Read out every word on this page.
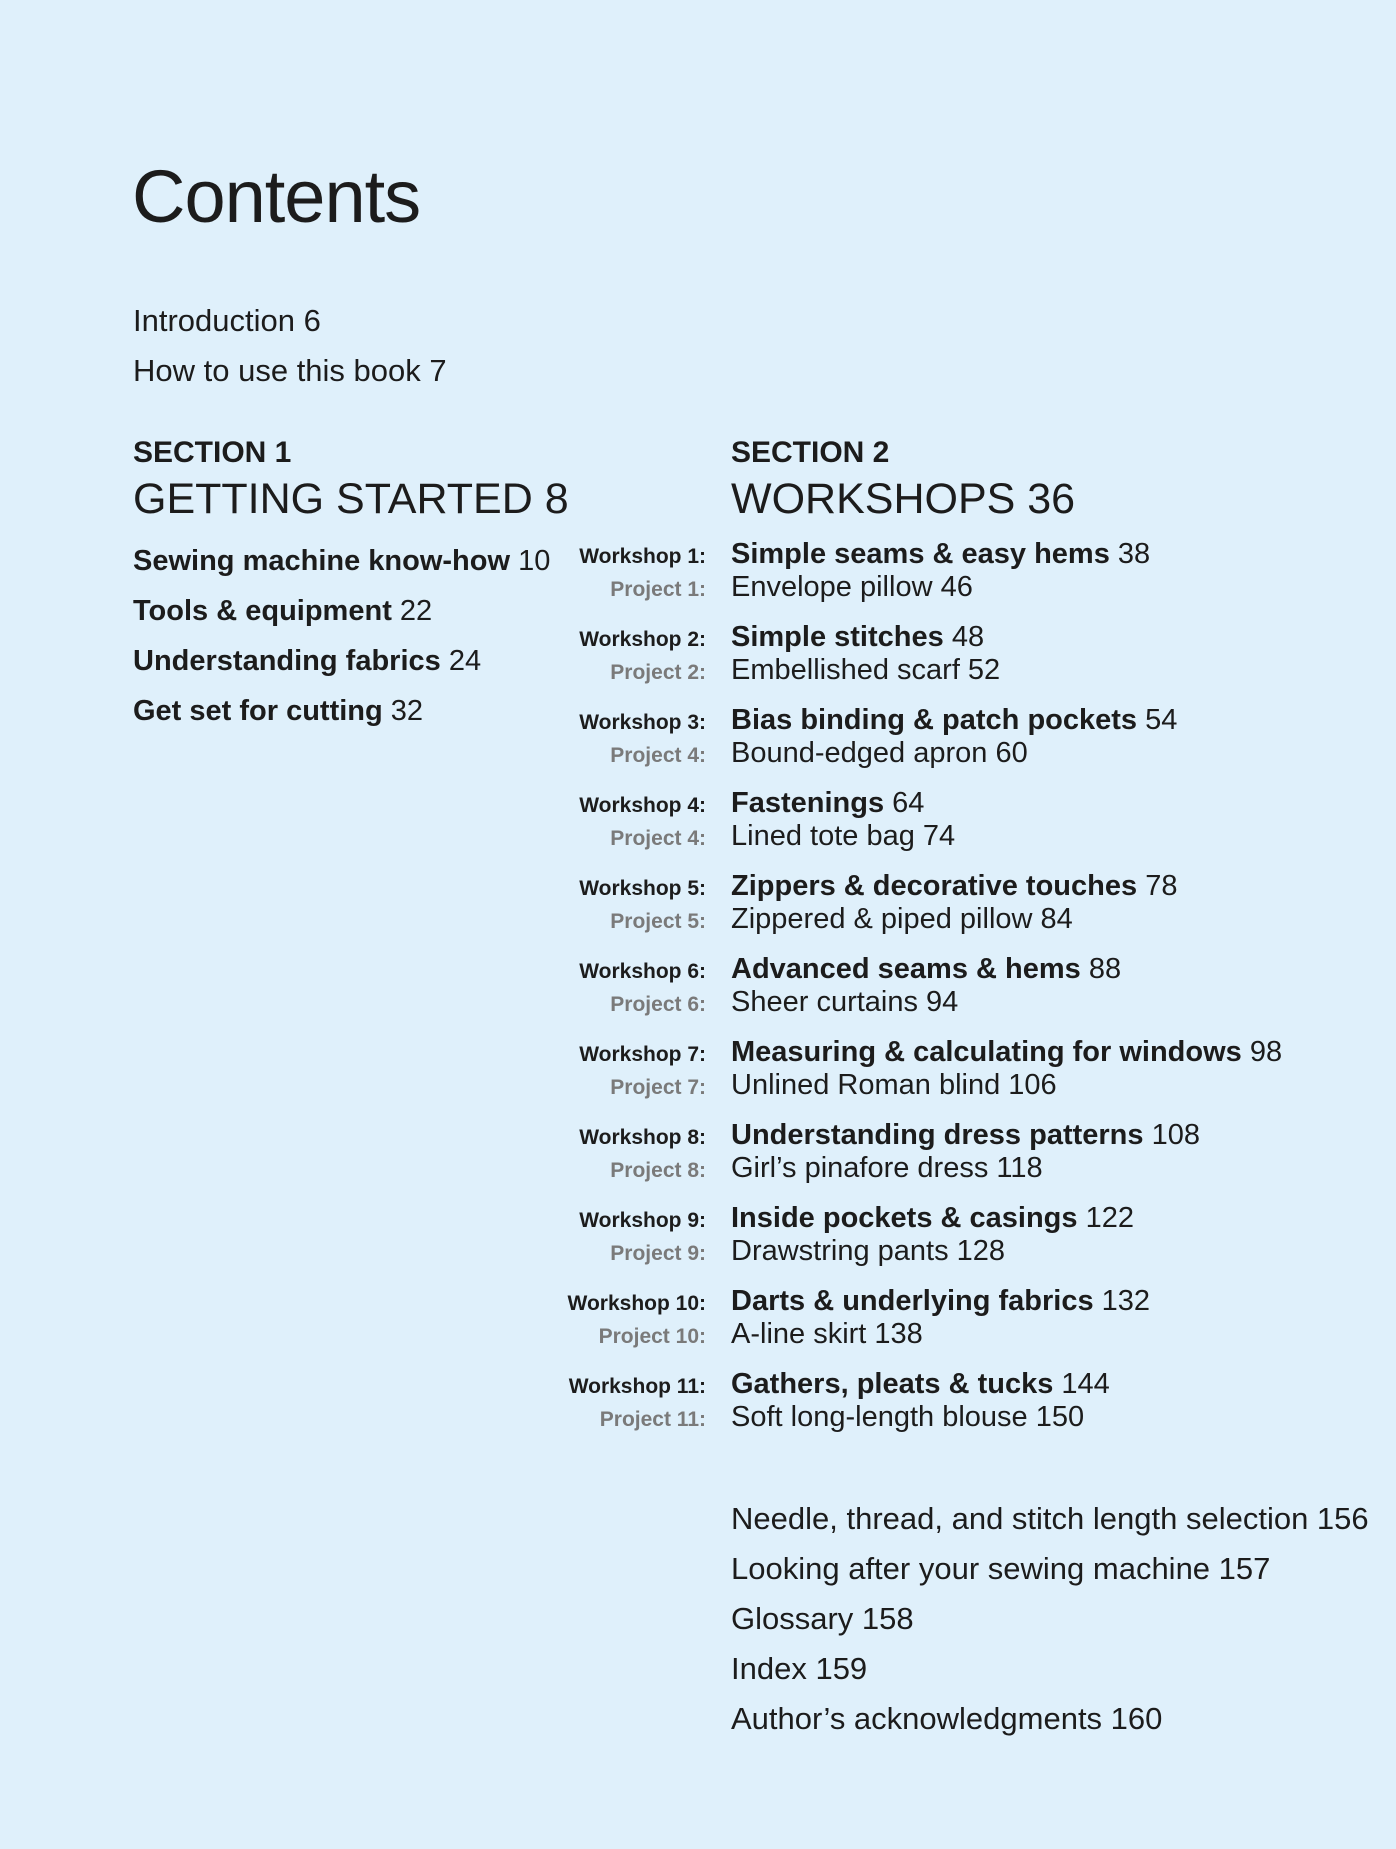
Contents
Introduction 6
How to use this book 7
SECTION 1
GETTING STARTED 8
Sewing machine know-how 10
Tools & equipment 22
Understanding fabrics 24
Get set for cutting 32
SECTION 2
WORKSHOPS 36
Workshop 1: Simple seams & easy hems 38
Project 1: Envelope pillow 46
Workshop 2: Simple stitches 48
Project 2: Embellished scarf 52
Workshop 3: Bias binding & patch pockets 54
Project 4: Bound-edged apron 60
Workshop 4: Fastenings 64
Project 4: Lined tote bag 74
Workshop 5: Zippers & decorative touches 78
Project 5: Zippered & piped pillow 84
Workshop 6: Advanced seams & hems 88
Project 6: Sheer curtains 94
Workshop 7: Measuring & calculating for windows 98
Project 7: Unlined Roman blind 106
Workshop 8: Understanding dress patterns 108
Project 8: Girl’s pinafore dress 118
Workshop 9: Inside pockets & casings 122
Project 9: Drawstring pants 128
Workshop 10: Darts & underlying fabrics 132
Project 10: A-line skirt 138
Workshop 11: Gathers, pleats & tucks 144
Project 11: Soft long-length blouse 150
Needle, thread, and stitch length selection 156
Looking after your sewing machine 157
Glossary 158
Index 159
Author’s acknowledgments 160
